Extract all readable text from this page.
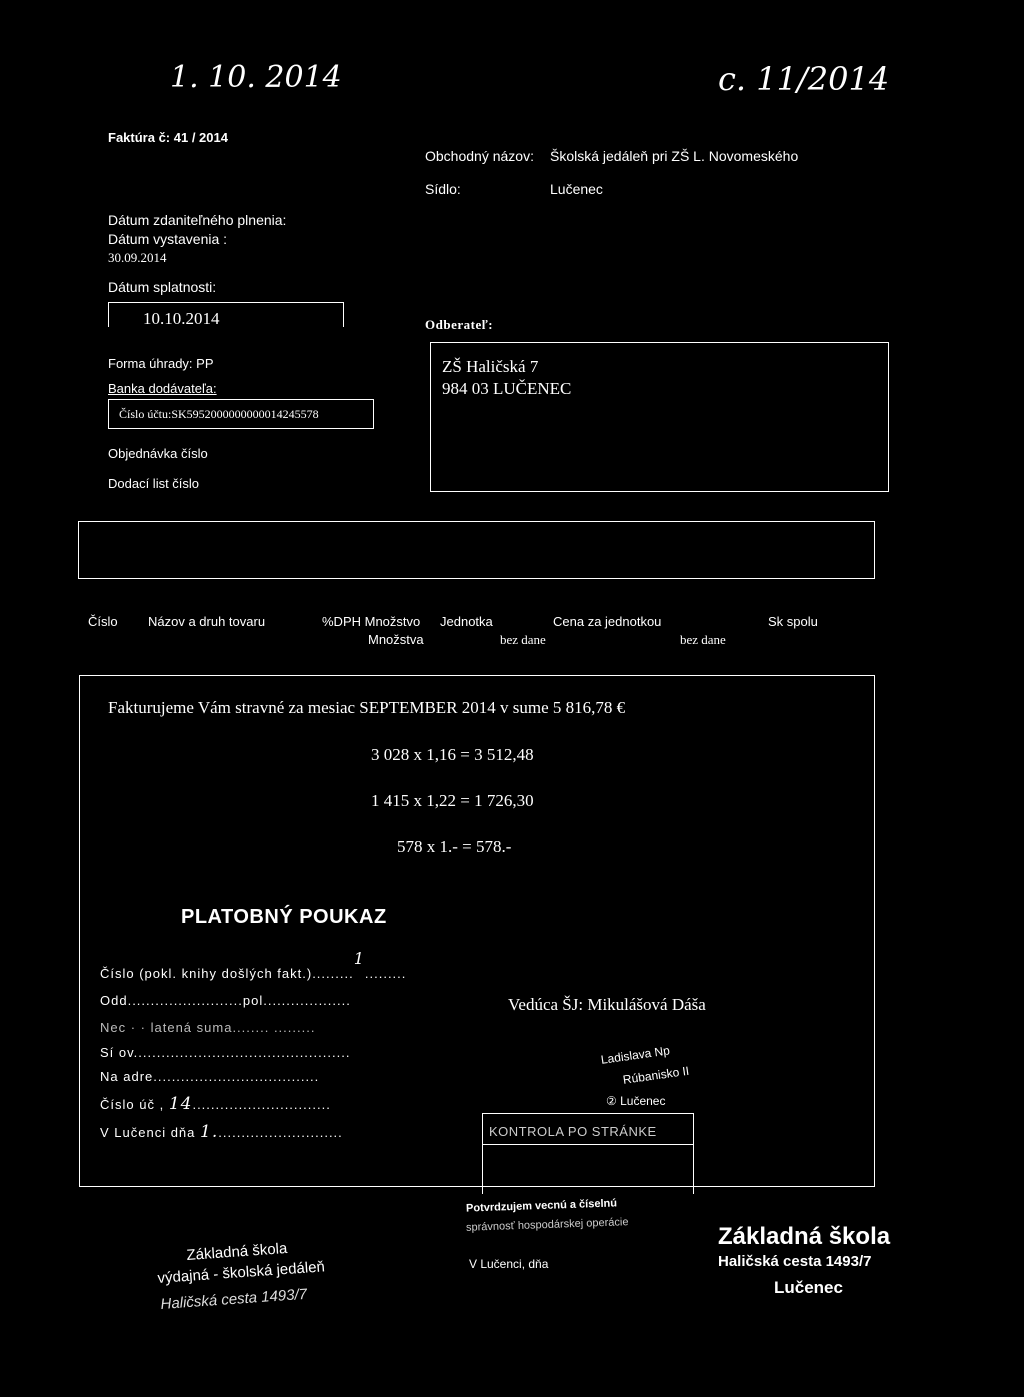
1. 10. 2014	c. 11/2014
Faktúra č: 41 / 2014
Dátum zdaniteľného plnenia:
Dátum vystavenia :
30.09.2014
Dátum splatnosti:
10.10.2014
Forma úhrady: PP
Banka dodávateľa:
Číslo účtu:SK5952000000000014245578
Objednávka číslo
Dodací list číslo
Obchodný názov: Školská jedáleň pri ZŠ L. Novomeského
Sídlo:	Lučenec
Odberateľ:
ZŠ Haličská 7
984 03 LUČENEC
Číslo Názov a druh tovaru	%DPH Množstvo Jednotka	Cena za jednotkou	Sk spolu
Množstva	bez dane	bez dane
Fakturujeme Vám stravné za mesiac SEPTEMBER 2014 v sume 5 816,78 €
3 028 x 1,16 = 3 512,48
1 415 x 1,22 = 1 726,30
578 x 1.- = 578.-
PLATOBNÝ POUKAZ
Číslo (pokl. knihy došlých fakt.).........1.........
Odd.........................pol...................
Nec · · latená suma........ .........
Sí ov...............................................
Na adre....................................
Číslo úč , 14..............................
V Lučenci dňa 1............................
Vedúca ŠJ: Mikulášová Dáša
Ladislava Np
Rúbanisko II
② Lučenec
KONTROLA PO STRÁNKE
Potvrdzujem vecnú a číselnú
správnosť hospodárskej operácie
V Lučenci, dňa
Základná škola
Haličská cesta 1493/7
Lučenec
Základná škola
výdajná - školská jedáleň
Haličská cesta 1493/7
